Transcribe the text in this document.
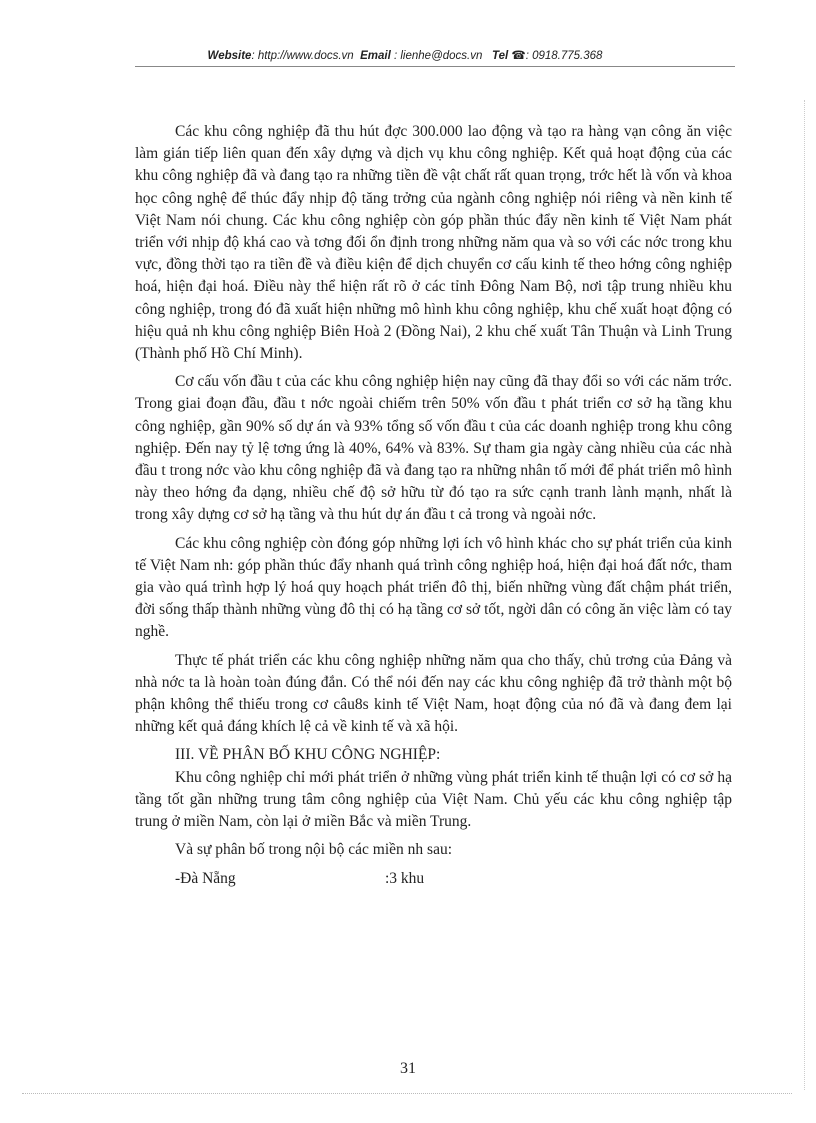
Website: http://www.docs.vn Email : lienhe@docs.vn Tel ☎: 0918.775.368

Các khu công nghiệp đã thu hút đợc 300.000 lao động và tạo ra hàng vạn công ăn việc làm gián tiếp liên quan đến xây dựng và dịch vụ khu công nghiệp. Kết quả hoạt động của các khu công nghiệp đã và đang tạo ra những tiền đề vật chất rất quan trọng, trớc hết là vốn và khoa học công nghệ để thúc đẩy nhịp độ tăng trởng của ngành công nghiệp nói riêng và nền kinh tế Việt Nam nói chung. Các khu công nghiệp còn góp phần thúc đẩy nền kinh tế Việt Nam phát triển với nhịp độ khá cao và tơng đối ổn định trong những năm qua và so với các nớc trong khu vực, đồng thời tạo ra tiền đề và điều kiện để dịch chuyển cơ cấu kinh tế theo hớng công nghiệp hoá, hiện đại hoá. Điều này thể hiện rất rõ ở các tỉnh Đông Nam Bộ, nơi tập trung nhiều khu công nghiệp, trong đó đã xuất hiện những mô hình khu công nghiệp, khu chế xuất hoạt động có hiệu quả nh khu công nghiệp Biên Hoà 2 (Đồng Nai), 2 khu chế xuất Tân Thuận và Linh Trung (Thành phố Hồ Chí Minh).

Cơ cấu vốn đầu t của các khu công nghiệp hiện nay cũng đã thay đổi so với các năm trớc. Trong giai đoạn đầu, đầu t nớc ngoài chiếm trên 50% vốn đầu t phát triển cơ sở hạ tầng khu công nghiệp, gần 90% số dự án và 93% tổng số vốn đầu t của các doanh nghiệp trong khu công nghiệp. Đến nay tỷ lệ tơng ứng là 40%, 64% và 83%. Sự tham gia ngày càng nhiều của các nhà đầu t trong nớc vào khu công nghiệp đã và đang tạo ra những nhân tố mới để phát triển mô hình này theo hớng đa dạng, nhiều chế độ sở hữu từ đó tạo ra sức cạnh tranh lành mạnh, nhất là trong xây dựng cơ sở hạ tầng và thu hút dự án đầu t cả trong và ngoài nớc.

Các khu công nghiệp còn đóng góp những lợi ích vô hình khác cho sự phát triển của kinh tế Việt Nam nh: góp phần thúc đẩy nhanh quá trình công nghiệp hoá, hiện đại hoá đất nớc, tham gia vào quá trình hợp lý hoá quy hoạch phát triển đô thị, biến những vùng đất chậm phát triển, đời sống thấp thành những vùng đô thị có hạ tầng cơ sở tốt, ngời dân có công ăn việc làm có tay nghề.

Thực tế phát triển các khu công nghiệp những năm qua cho thấy, chủ trơng của Đảng và nhà nớc ta là hoàn toàn đúng đắn. Có thể nói đến nay các khu công nghiệp đã trở thành một bộ phận không thể thiếu trong cơ câu8s kinh tế Việt Nam, hoạt động của nó đã và đang đem lại những kết quả đáng khích lệ cả về kinh tế và xã hội.

III. VỀ PHÂN BỐ KHU CÔNG NGHIỆP:

Khu công nghiệp chỉ mới phát triển ở những vùng phát triển kinh tế thuận lợi có cơ sở hạ tầng tốt gần những trung tâm công nghiệp của Việt Nam. Chủ yếu các khu công nghiệp tập trung ở miền Nam, còn lại ở miền Bắc và miền Trung.

Và sự phân bố trong nội bộ các miền nh sau:

-Đà Nẵng	:3 khu
31
